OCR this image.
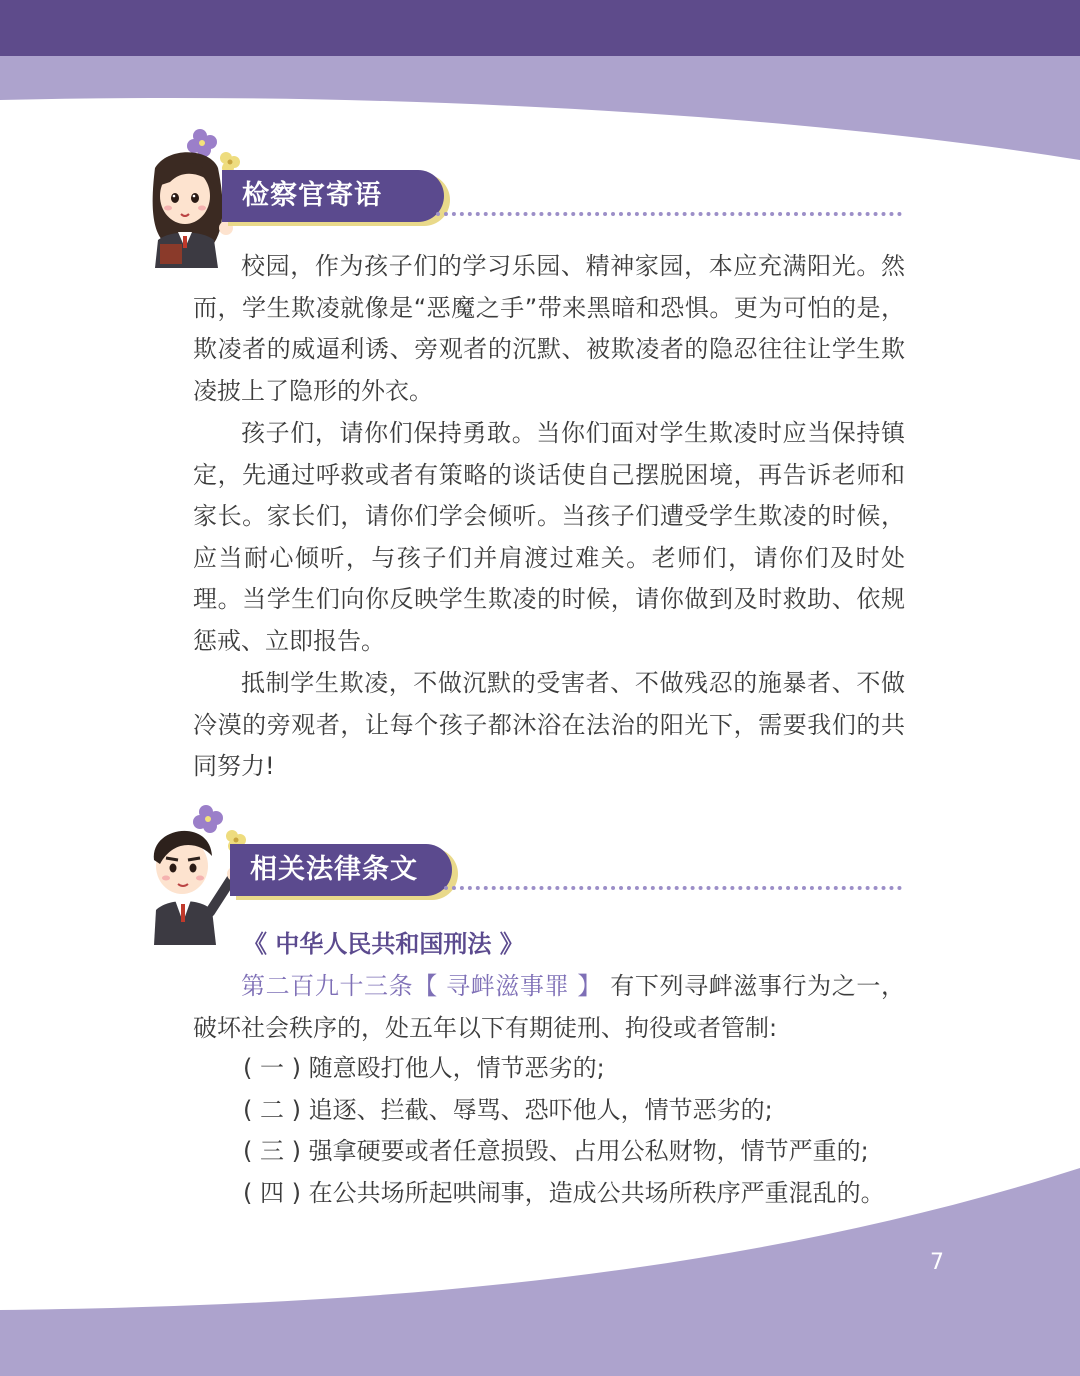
检察官寄语

校园，作为孩子们的学习乐园、精神家园，本应充满阳光。然而，学生欺凌就像是“恶魔之手”带来黑暗和恐惧。更为可怕的是，欺凌者的威逼利诱、旁观者的沉默、被欺凌者的隐忍往往让学生欺凌披上了隐形的外衣。

孩子们，请你们保持勇敢。当你们面对学生欺凌时应当保持镇定，先通过呼救或者有策略的谈话使自己摆脱困境，再告诉老师和家长。家长们，请你们学会倾听。当孩子们遭受学生欺凌的时候，应当耐心倾听，与孩子们并肩渡过难关。老师们，请你们及时处理。当学生们向你反映学生欺凌的时候，请你做到及时救助、依规惩戒、立即报告。

抵制学生欺凌，不做沉默的受害者、不做残忍的施暴者、不做冷漠的旁观者，让每个孩子都沐浴在法治的阳光下，需要我们的共同努力!

相关法律条文

《 中华人民共和国刑法 》

第二百九十三条【 寻衅滋事罪 】 有下列寻衅滋事行为之一，破坏社会秩序的，处五年以下有期徒刑、拘役或者管制:

( 一 ) 随意殴打他人，情节恶劣的;

( 二 ) 追逐、拦截、辱骂、恐吓他人，情节恶劣的;

( 三 ) 强拿硬要或者任意损毁、占用公私财物，情节严重的;

( 四 ) 在公共场所起哄闹事，造成公共场所秩序严重混乱的。

7
